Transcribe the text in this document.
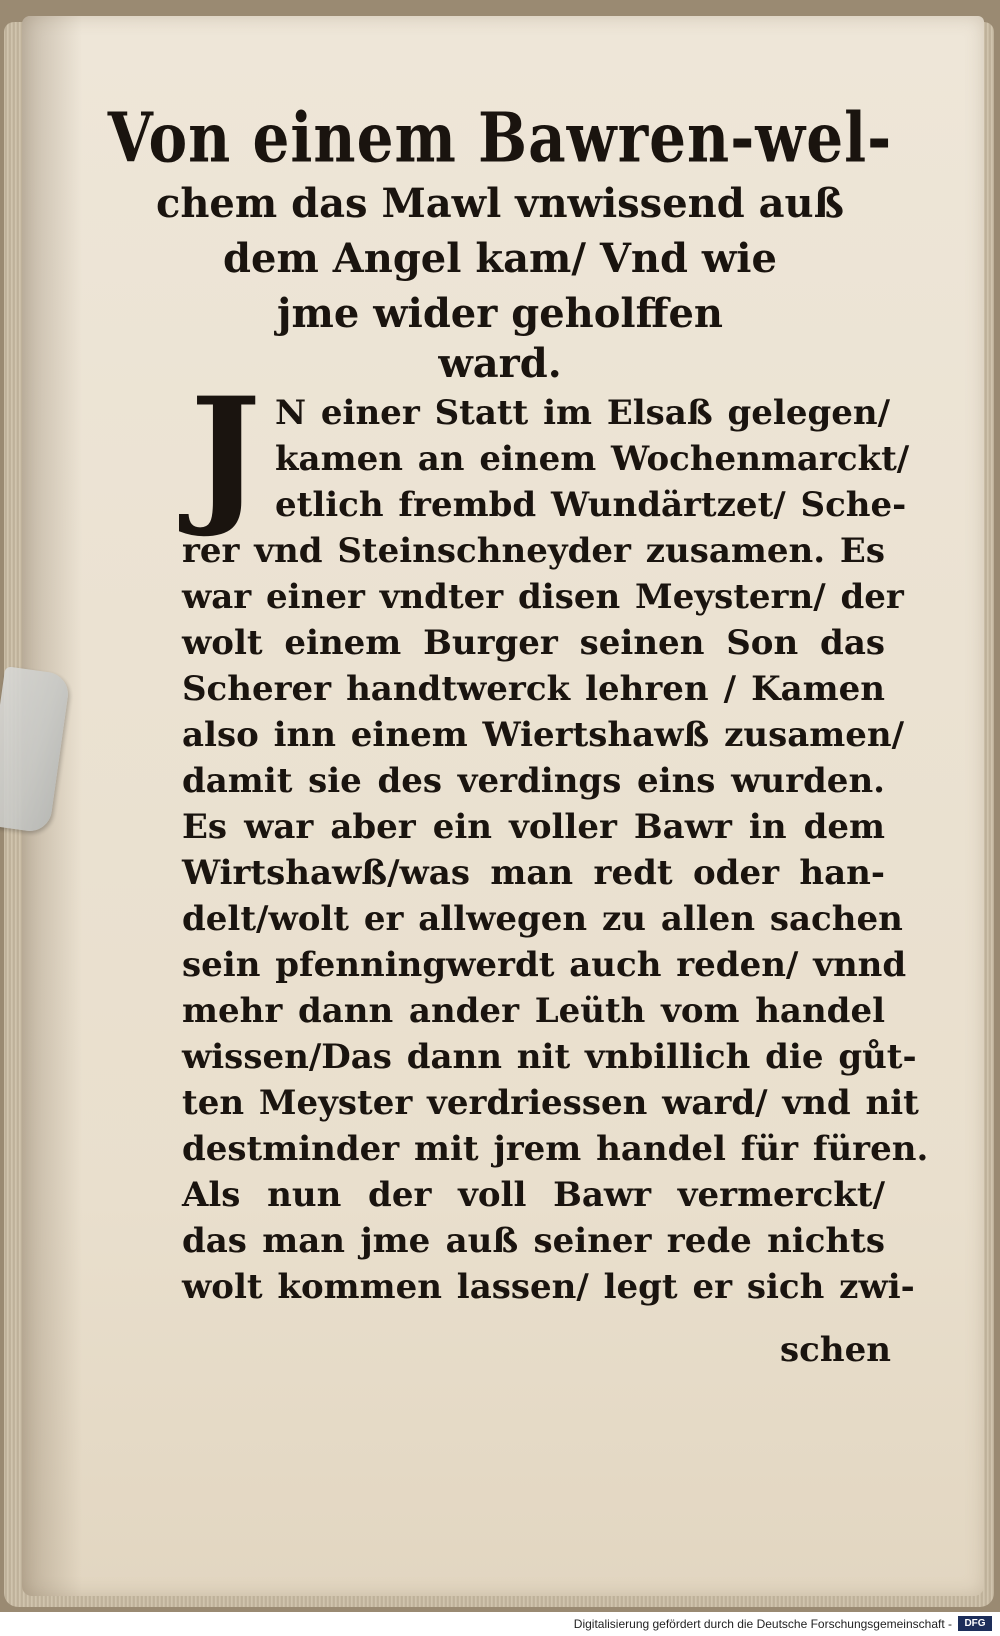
Von einem Bawren-wel-

chem das Mawl vnwissend auß

dem Angel kam/ Vnd wie

jme wider geholffen

ward.

J N einer Statt im Elsaß gelegen/

kamen an einem Wochenmarckt/

etlich frembd Wundärtzet/ Sche-

rer vnd Steinschneyder zusamen. Es

war einer vndter disen Meystern/ der

wolt einem Burger seinen Son das

Scherer handtwerck lehren / Kamen

also inn einem Wiertshawß zusamen/

damit sie des verdings eins wurden.

Es war aber ein voller Bawr in dem

Wirtshawß/was man redt oder han-

delt/wolt er allwegen zu allen sachen

sein pfenningwerdt auch reden/ vnnd

mehr dann ander Leüth vom handel

wissen/Das dann nit vnbillich die gůt-

ten Meyster verdriessen ward/ vnd nit

destminder mit jrem handel für füren.

Als nun der voll Bawr vermerckt/

das man jme auß seiner rede nichts

wolt kommen lassen/ legt er sich zwi-

schen
Digitalisierung gefördert durch die Deutsche Forschungsgemeinschaft -	DFG
